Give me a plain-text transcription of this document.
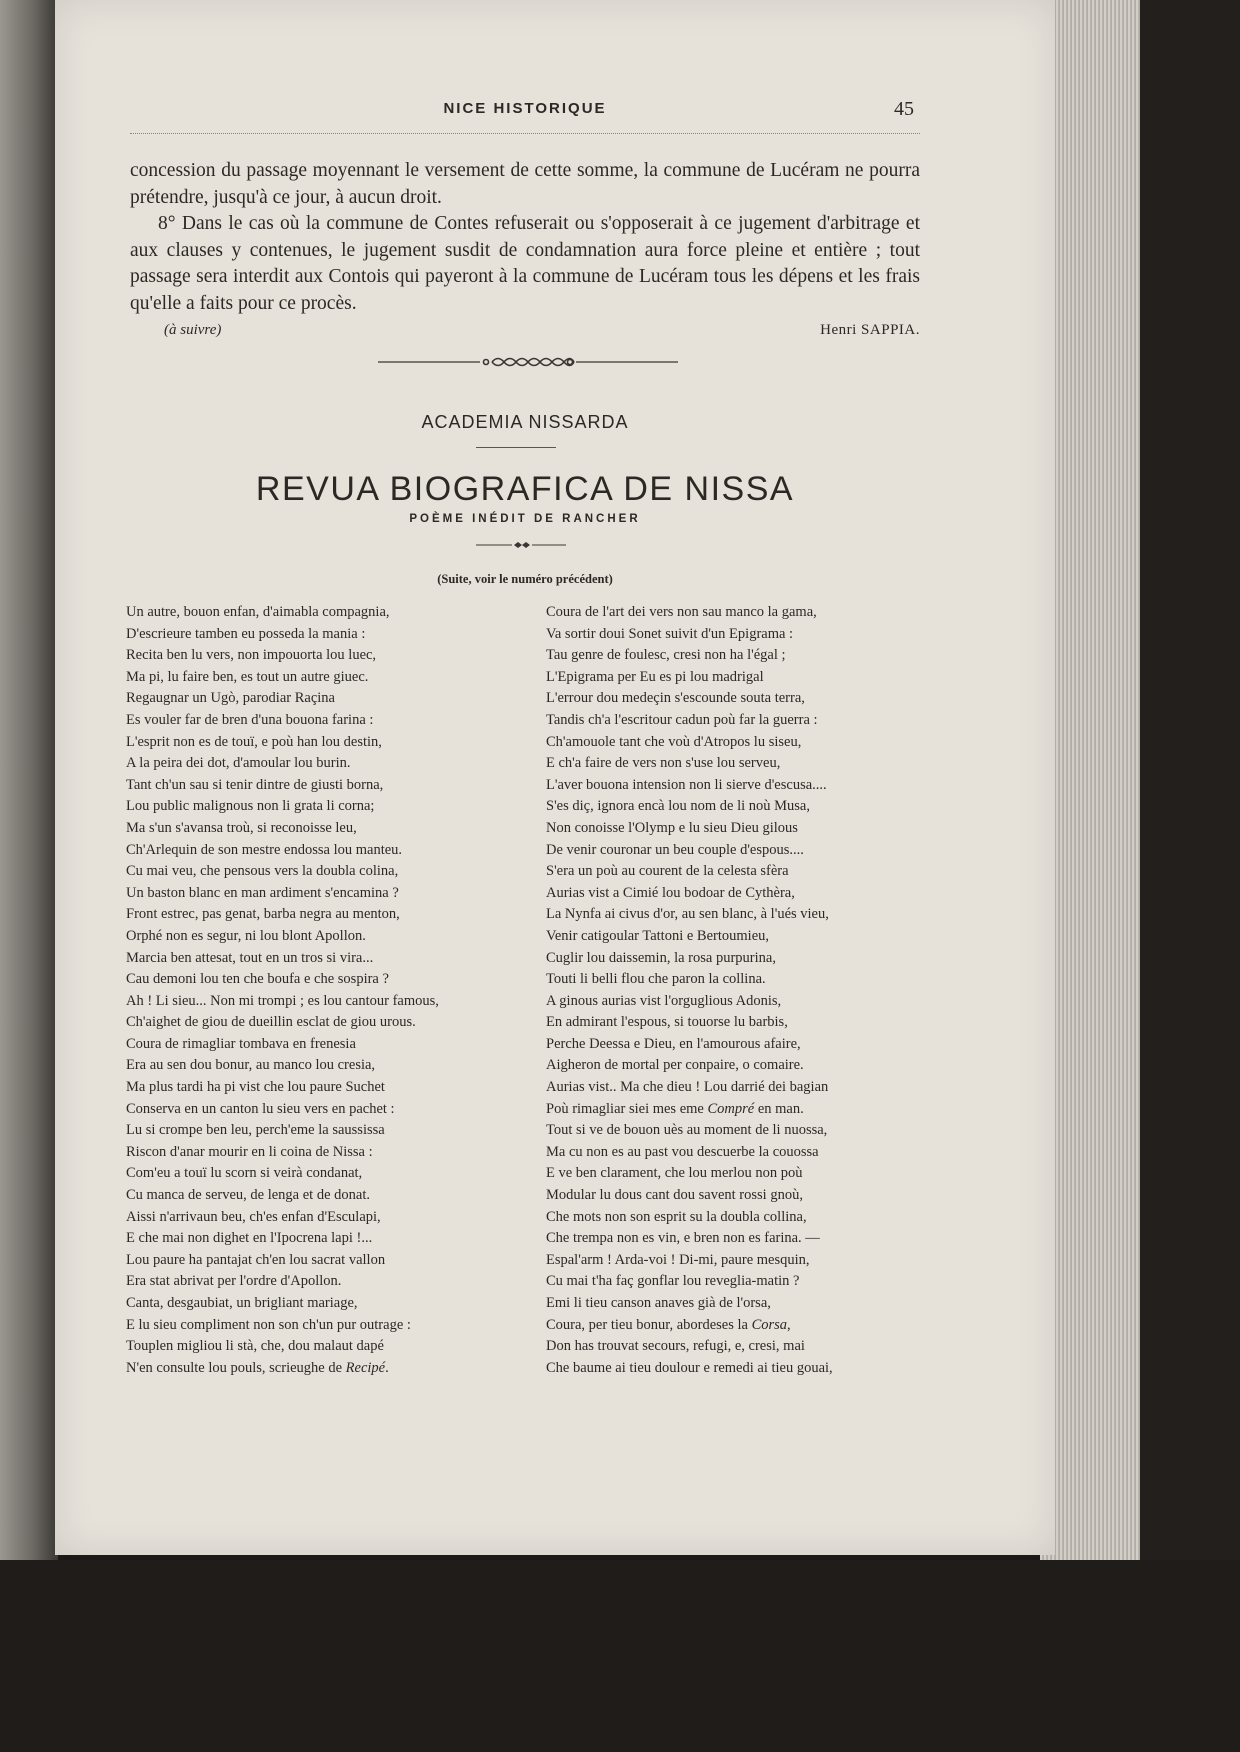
NICE HISTORIQUE	45

concession du passage moyennant le versement de cette somme, la commune de Lucéram ne pourra prétendre, jusqu'à ce jour, à aucun droit.

8° Dans le cas où la commune de Contes refuserait ou s'opposerait à ce jugement d'arbitrage et aux clauses y contenues, le jugement susdit de condamnation aura force pleine et entière ; tout passage sera interdit aux Contois qui payeront à la commune de Lucéram tous les dépens et les frais qu'elle a faits pour ce procès.

(à suivre)	Henri SAPPIA.
ACADEMIA NISSARDA
REVUA BIOGRAFICA DE NISSA
POÈME INÉDIT DE RANCHER
(Suite, voir le numéro précédent)
Un autre, bouon enfan, d'aimabla compagnia,
D'escrieure tamben eu posseda la mania :
Recita ben lu vers, non impouorta lou luec,
Ma pi, lu faire ben, es tout un autre giuec.
Regaugnar un Ugò, parodiar Raçina
Es vouler far de bren d'una bouona farina :
L'esprit non es de touï, e poù han lou destin,
A la peira dei dot, d'amoular lou burin.
Tant ch'un sau si tenir dintre de giusti borna,
Lou public malignous non li grata li corna;
Ma s'un s'avansa troù, si reconoisse leu,
Ch'Arlequin de son mestre endossa lou manteu.
Cu mai veu, che pensous vers la doubla colina,
Un baston blanc en man ardiment s'encamina ?
Front estrec, pas genat, barba negra au menton,
Orphé non es segur, ni lou blont Apollon.
Marcia ben attesat, tout en un tros si vira...
Cau demoni lou ten che boufa e che sospira ?
Ah ! Li sieu... Non mi trompi ; es lou cantour famous,
Ch'aighet de giou de dueillin esclat de giou urous.
Coura de rimagliar tombava en frenesia
Era au sen dou bonur, au manco lou cresia,
Ma plus tardi ha pi vist che lou paure Suchet
Conserva en un canton lu sieu vers en pachet :
Lu si crompe ben leu, perch'eme la saussissa
Riscon d'anar mourir en li coina de Nissa :
Com'eu a touï lu scorn si veirà condanat,
Cu manca de serveu, de lenga et de donat.
Aissi n'arrivaun beu, ch'es enfan d'Esculapi,
E che mai non dighet en l'Ipocrena lapi !...
Lou paure ha pantajat ch'en lou sacrat vallon
Era stat abrivat per l'ordre d'Apollon.
Canta, desgaubiat, un brigliant mariage,
E lu sieu compliment non son ch'un pur outrage :
Touplen migliou li stà, che, dou malaut dapé
N'en consulte lou pouls, scrieughe de Recipé.
Coura de l'art dei vers non sau manco la gama,
Va sortir doui Sonet suivit d'un Epigrama :
Tau genre de foulesc, cresi non ha l'égal ;
L'Epigrama per Eu es pi lou madrigal
L'errour dou medeçin s'escounde souta terra,
Tandis ch'a l'escritour cadun poù far la guerra :
Ch'amouole tant che voù d'Atropos lu siseu,
E ch'a faire de vers non s'use lou serveu,
L'aver bouona intension non li sierve d'escusa....
S'es diç, ignora encà lou nom de li noù Musa,
Non conoisse l'Olymp e lu sieu Dieu gilous
De venir couronar un beu couple d'espous....
S'era un poù au courent de la celesta sfèra
Aurias vist a Cimié lou bodoar de Cythèra,
La Nynfa ai civus d'or, au sen blanc, à l'ués vieu,
Venir catigoular Tattoni e Bertoumieu,
Cuglir lou daissemin, la rosa purpurina,
Touti li belli flou che paron la collina.
A ginous aurias vist l'orguglious Adonis,
En admirant l'espous, si touorse lu barbis,
Perche Deessa e Dieu, en l'amourous afaire,
Aigheron de mortal per conpaire, o comaire.
Aurias vist.. Ma che dieu ! Lou darrié dei bagian
Poù rimagliar siei mes eme Compré en man.
Tout si ve de bouon uès au moment de li nuossa,
Ma cu non es au past vou descuerbe la couossa
E ve ben clarament, che lou merlou non poù
Modular lu dous cant dou savent rossi gnoù,
Che mots non son esprit su la doubla collina,
Che trempa non es vin, e bren non es farina. —
Espal'arm ! Arda-voi ! Di-mi, paure mesquin,
Cu mai t'ha faç gonflar lou reveglia-matin ?
Emi li tieu canson anaves già de l'orsa,
Coura, per tieu bonur, abordeses la Corsa,
Don has trouvat secours, refugi, e, cresi, mai
Che baume ai tieu doulour e remedi ai tieu gouai,
